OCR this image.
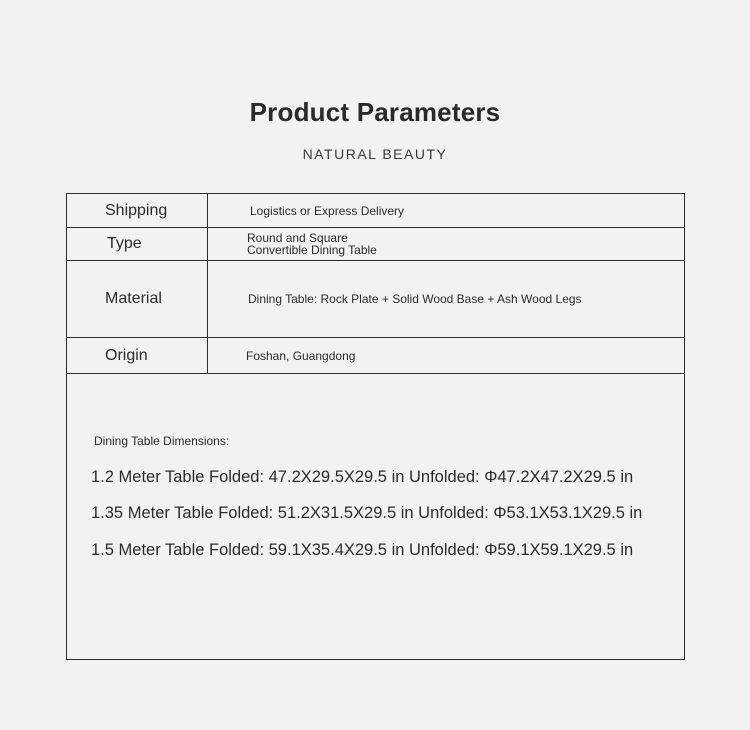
Product Parameters
NATURAL BEAUTY
Shipping	Logistics or Express Delivery
Type	Round and Square
Convertible Dining Table
Material	Dining Table: Rock Plate + Solid Wood Base + Ash Wood Legs
Origin	Foshan, Guangdong
Dining Table Dimensions:
1.2 Meter Table Folded: 47.2X29.5X29.5 in Unfolded: Φ47.2X47.2X29.5 in
1.35 Meter Table Folded: 51.2X31.5X29.5 in Unfolded: Φ53.1X53.1X29.5 in
1.5 Meter Table Folded: 59.1X35.4X29.5 in Unfolded: Φ59.1X59.1X29.5 in
